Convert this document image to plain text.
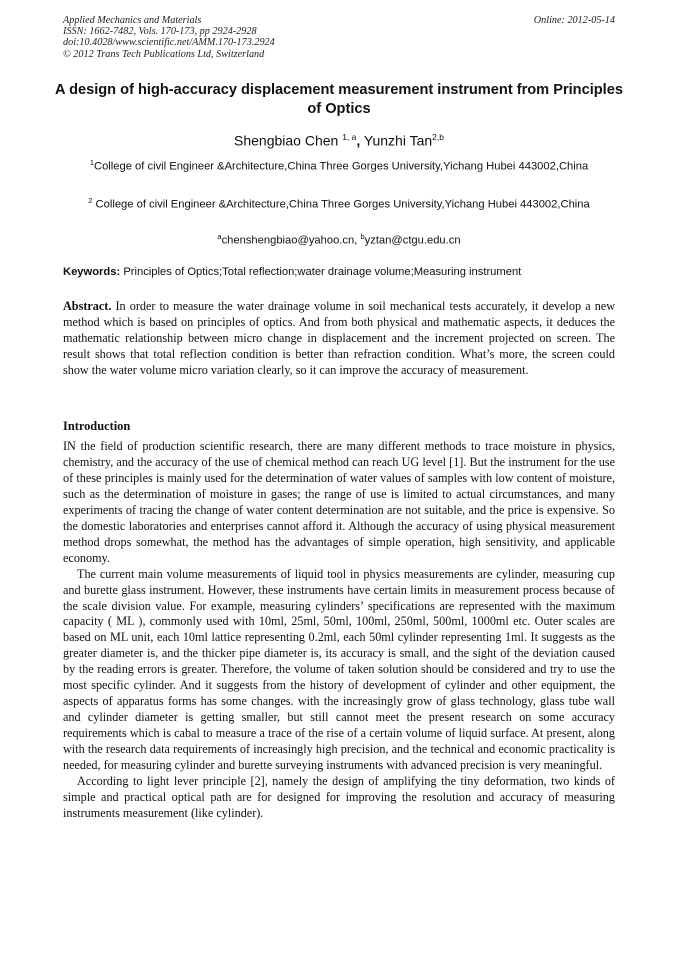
Applied Mechanics and Materials
ISSN: 1662-7482, Vols. 170-173, pp 2924-2928
doi:10.4028/www.scientific.net/AMM.170-173.2924
© 2012 Trans Tech Publications Ltd, Switzerland
Online: 2012-05-14
A design of high-accuracy displacement measurement instrument from Principles of Optics
Shengbiao Chen $^{1, a}$, Yunzhi Tan$^{2,b}$
$^1$College of civil Engineer &Architecture,China Three Gorges University,Yichang Hubei 443002,China
$^2$ College of civil Engineer &Architecture,China Three Gorges University,Yichang Hubei 443002,China
$^a$chenshengbiao@yahoo.cn, $^b$yztan@ctgu.edu.cn
Keywords: Principles of Optics;Total reflection;water drainage volume;Measuring instrument
Abstract. In order to measure the water drainage volume in soil mechanical tests accurately, it develop a new method which is based on principles of optics. And from both physical and mathematic aspects, it deduces the mathematic relationship between micro change in displacement and the increment projected on screen. The result shows that total reflection condition is better than refraction condition. What’s more, the screen could show the water volume micro variation clearly, so it can improve the accuracy of measurement.
Introduction

IN the field of production scientific research, there are many different methods to trace moisture in physics, chemistry, and the accuracy of the use of chemical method can reach UG level [1]. But the instrument for the use of these principles is mainly used for the determination of water values of samples with low content of moisture, such as the determination of moisture in gases; the range of use is limited to actual circumstances, and many experiments of tracing the change of water content determination are not suitable, and the price is expensive. So the domestic laboratories and enterprises cannot afford it. Although the accuracy of using physical measurement method drops somewhat, the method has the advantages of simple operation, high sensitivity, and applicable economy.

The current main volume measurements of liquid tool in physics measurements are cylinder, measuring cup and burette glass instrument. However, these instruments have certain limits in measurement process because of the scale division value. For example, measuring cylinders’ specifications are represented with the maximum capacity ( ML ), commonly used with 10ml, 25ml, 50ml, 100ml, 250ml, 500ml, 1000ml etc. Outer scales are based on ML unit, each 10ml lattice representing 0.2ml, each 50ml cylinder representing 1ml. It suggests as the greater diameter is, and the thicker pipe diameter is, its accuracy is small, and the sight of the deviation caused by the reading errors is greater. Therefore, the volume of taken solution should be considered and try to use the most specific cylinder. And it suggests from the history of development of cylinder and other equipment, the aspects of apparatus forms has some changes. with the increasingly grow of glass technology, glass tube wall and cylinder diameter is getting smaller, but still cannot meet the present research on some accuracy requirements which is cabal to measure a trace of the rise of a certain volume of liquid surface. At present, along with the research data requirements of increasingly high precision, and the technical and economic practicality is needed, for measuring cylinder and burette surveying instruments with advanced precision is very meaningful.

According to light lever principle [2], namely the design of amplifying the tiny deformation, two kinds of simple and practical optical path are for designed for improving the resolution and accuracy of measuring instruments measurement (like cylinder).
